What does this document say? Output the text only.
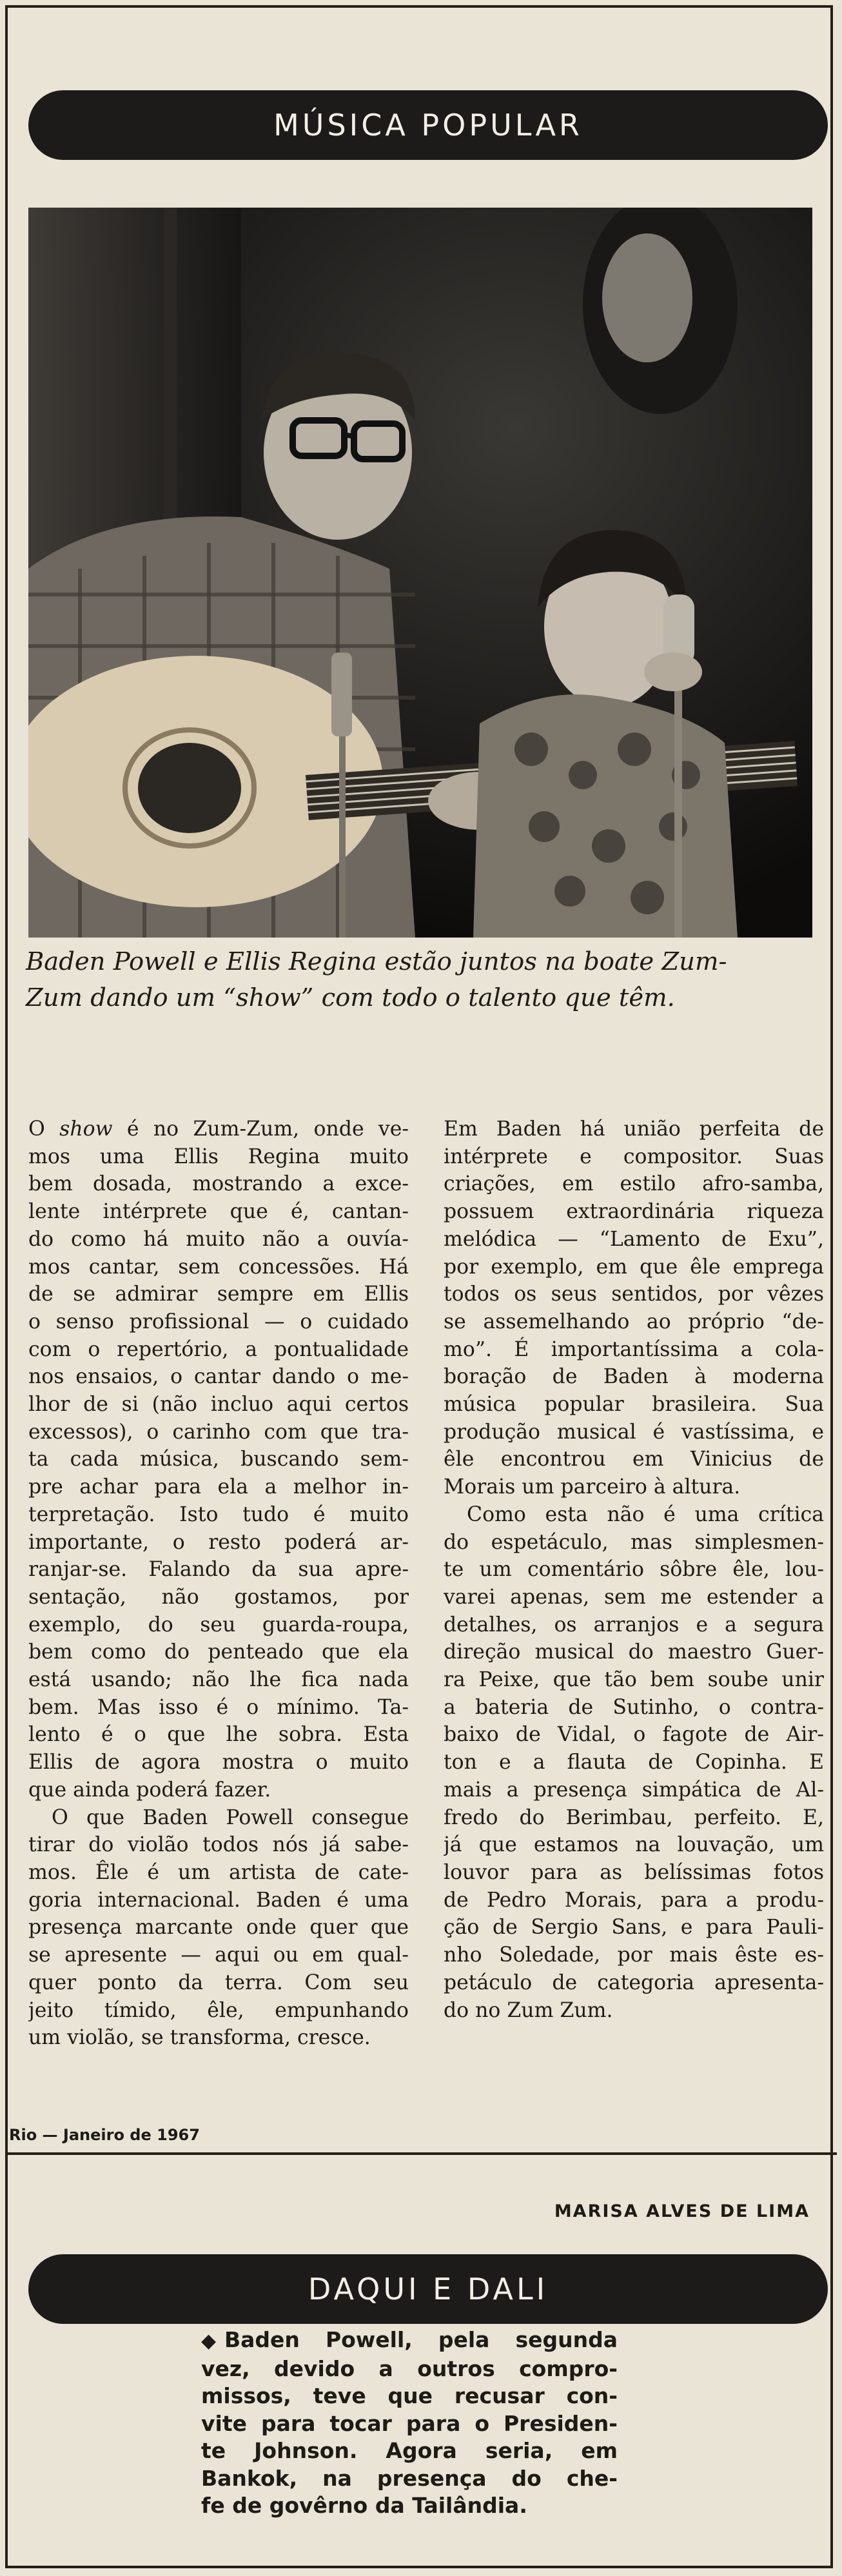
MÚSICA POPULAR
Baden Powell e Ellis Regina estão juntos na boate Zum-
Zum dando um “show” com todo o talento que têm.
O show é no Zum-Zum, onde ve-
mos uma Ellis Regina muito
bem dosada, mostrando a exce-
lente intérprete que é, cantan-
do como há muito não a ouvía-
mos cantar, sem concessões. Há
de se admirar sempre em Ellis
o senso profissional — o cuidado
com o repertório, a pontualidade
nos ensaios, o cantar dando o me-
lhor de si (não incluo aqui certos
excessos), o carinho com que tra-
ta cada música, buscando sem-
pre achar para ela a melhor in-
terpretação. Isto tudo é muito
importante, o resto poderá ar-
ranjar-se. Falando da sua apre-
sentação, não gostamos, por
exemplo, do seu guarda-roupa,
bem como do penteado que ela
está usando; não lhe fica nada
bem. Mas isso é o mínimo. Ta-
lento é o que lhe sobra. Esta
Ellis de agora mostra o muito
que ainda poderá fazer.
O que Baden Powell consegue
tirar do violão todos nós já sabe-
mos. Êle é um artista de cate-
goria internacional. Baden é uma
presença marcante onde quer que
se apresente — aqui ou em qual-
quer ponto da terra. Com seu
jeito tímido, êle, empunhando
um violão, se transforma, cresce.
Em Baden há união perfeita de
intérprete e compositor. Suas
criações, em estilo afro-samba,
possuem extraordinária riqueza
melódica — “Lamento de Exu”,
por exemplo, em que êle emprega
todos os seus sentidos, por vêzes
se assemelhando ao próprio “de-
mo”. É importantíssima a cola-
boração de Baden à moderna
música popular brasileira. Sua
produção musical é vastíssima, e
êle encontrou em Vinicius de
Morais um parceiro à altura.
Como esta não é uma crítica
do espetáculo, mas simplesmen-
te um comentário sôbre êle, lou-
varei apenas, sem me estender a
detalhes, os arranjos e a segura
direção musical do maestro Guer-
ra Peixe, que tão bem soube unir
a bateria de Sutinho, o contra-
baixo de Vidal, o fagote de Air-
ton e a flauta de Copinha. E
mais a presença simpática de Al-
fredo do Berimbau, perfeito. E,
já que estamos na louvação, um
louvor para as belíssimas fotos
de Pedro Morais, para a produ-
ção de Sergio Sans, e para Pauli-
nho Soledade, por mais êste es-
petáculo de categoria apresenta-
do no Zum Zum.
Rio — Janeiro de 1967
MARISA ALVES DE LIMA
DAQUI E DALI
◆ Baden Powell, pela segunda
vez, devido a outros compro-
missos, teve que recusar con-
vite para tocar para o Presiden-
te Johnson. Agora seria, em
Bankok, na presença do che-
fe de govêrno da Tailândia.
